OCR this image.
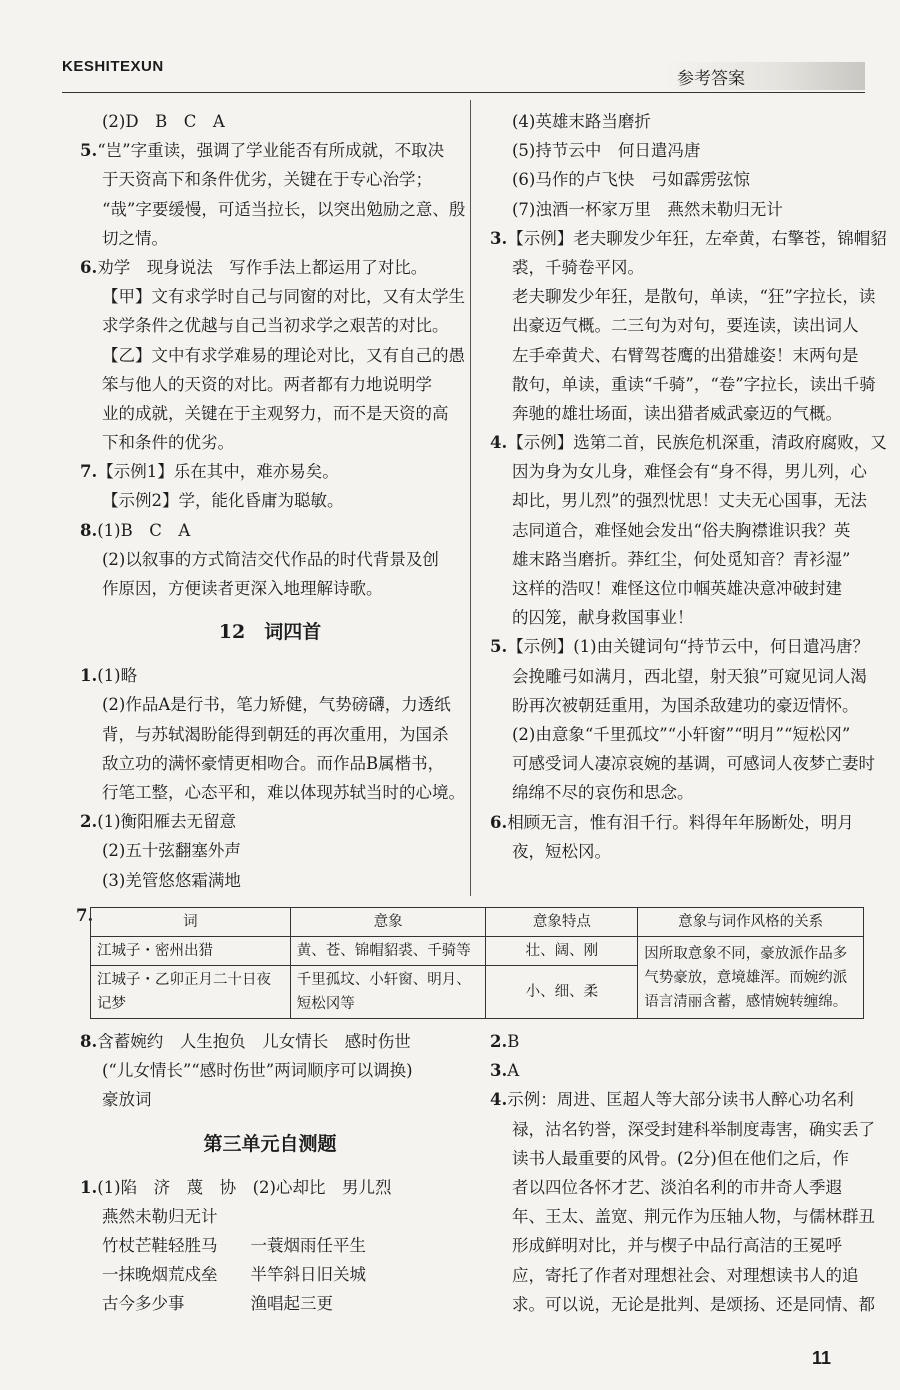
KESHITEXUN
参考答案
(2)D　B　C　A
5.“岂”字重读，强调了学业能否有所成就，不取决
于天资高下和条件优劣，关键在于专心治学；
“哉”字要缓慢，可适当拉长，以突出勉励之意、殷
切之情。
6.劝学　现身说法　写作手法上都运用了对比。
【甲】文有求学时自己与同窗的对比，又有太学生
求学条件之优越与自己当初求学之艰苦的对比。
【乙】文中有求学难易的理论对比，又有自己的愚
笨与他人的天资的对比。两者都有力地说明学
业的成就，关键在于主观努力，而不是天资的高
下和条件的优劣。
7.【示例1】乐在其中，难亦易矣。
【示例2】学，能化昏庸为聪敏。
8.(1)B　C　A
(2)以叙事的方式简洁交代作品的时代背景及创
作原因，方便读者更深入地理解诗歌。
12　词四首
1.(1)略
(2)作品A是行书，笔力矫健，气势磅礴，力透纸
背，与苏轼渴盼能得到朝廷的再次重用，为国杀
敌立功的满怀豪情更相吻合。而作品B属楷书，
行笔工整，心态平和，难以体现苏轼当时的心境。
2.(1)衡阳雁去无留意
(2)五十弦翻塞外声
(3)羌管悠悠霜满地
(4)英雄末路当磨折
(5)持节云中　何日遣冯唐
(6)马作的卢飞快　弓如霹雳弦惊
(7)浊酒一杯家万里　燕然未勒归无计
3.【示例】老夫聊发少年狂，左牵黄，右擎苍，锦帽貂
裘，千骑卷平冈。
老夫聊发少年狂，是散句，单读，“狂”字拉长，读
出豪迈气概。二三句为对句，要连读，读出词人
左手牵黄犬、右臂驾苍鹰的出猎雄姿！末两句是
散句，单读，重读“千骑”，“卷”字拉长，读出千骑
奔驰的雄壮场面，读出猎者威武豪迈的气概。
4.【示例】选第二首，民族危机深重，清政府腐败，又
因为身为女儿身，难怪会有“身不得，男儿列，心
却比，男儿烈”的强烈忧思！丈夫无心国事，无法
志同道合，难怪她会发出“俗夫胸襟谁识我？英
雄末路当磨折。莽红尘，何处觅知音？青衫湿”
这样的浩叹！难怪这位巾帼英雄决意冲破封建
的囚笼，献身救国事业！
5.【示例】(1)由关键词句“持节云中，何日遣冯唐？
会挽雕弓如满月，西北望，射天狼”可窥见词人渴
盼再次被朝廷重用，为国杀敌建功的豪迈情怀。
(2)由意象“千里孤坟”“小轩窗”“明月”“短松冈”
可感受词人凄凉哀婉的基调，可感词人夜梦亡妻时
绵绵不尽的哀伤和思念。
6.相顾无言，惟有泪千行。料得年年肠断处，明月
夜，短松冈。
7.	词	意象	意象特点	意象与词作风格的关系
江城子・密州出猎	黄、苍、锦帽貂裘、千骑等	壮、阔、刚	因所取意象不同，豪放派作品多气势豪放，意境雄浑。而婉约派语言清丽含蓄，感情婉转缠绵。
江城子・乙卯正月二十日夜记梦	千里孤坟、小轩窗、明月、短松冈等	小、细、柔	
8.含蓄婉约　人生抱负　儿女情长　感时伤世
(“儿女情长”“感时伤世”两词顺序可以调换)
豪放词
第三单元自测题
1.(1)陷　济　蔑　协　(2)心却比　男儿烈
燕然未勒归无计
竹杖芒鞋轻胜马　　一蓑烟雨任平生
一抹晚烟荒戍垒　　半竿斜日旧关城
古今多少事　　　　渔唱起三更
2.B
3.A
4.示例：周进、匡超人等大部分读书人醉心功名利
禄，沽名钓誉，深受封建科举制度毒害，确实丢了
读书人最重要的风骨。(2分)但在他们之后，作
者以四位各怀才艺、淡泊名利的市井奇人季遐
年、王太、盖宽、荆元作为压轴人物，与儒林群丑
形成鲜明对比，并与楔子中品行高洁的王冕呼
应，寄托了作者对理想社会、对理想读书人的追
求。可以说，无论是批判、是颂扬、还是同情、都
11
